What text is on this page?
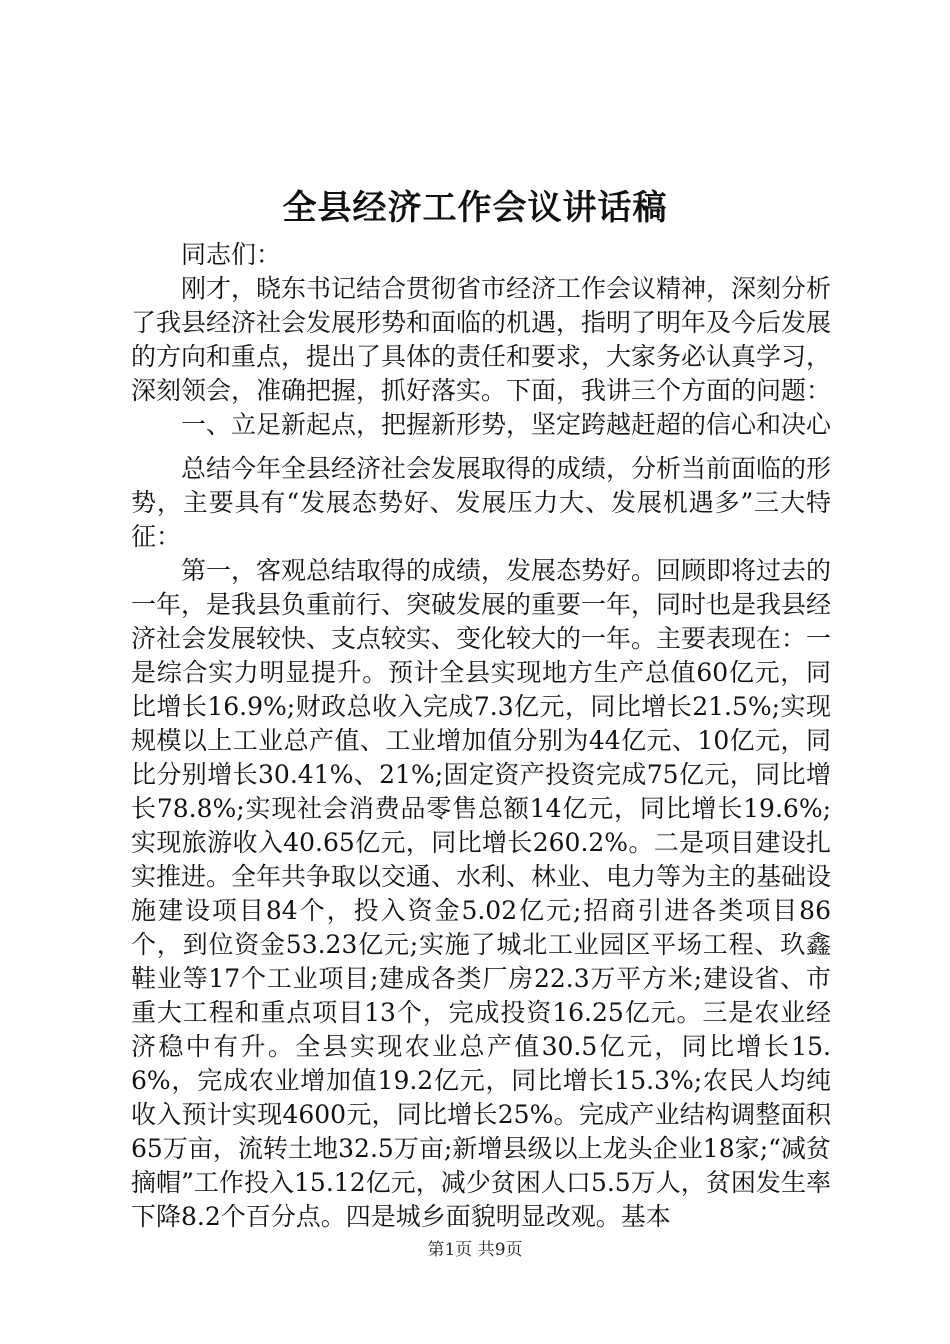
全县经济工作会议讲话稿

同志们：

刚才，晓东书记结合贯彻省市经济工作会议精神，深刻分析了我县经济社会发展形势和面临的机遇，指明了明年及今后发展的方向和重点，提出了具体的责任和要求，大家务必认真学习，深刻领会，准确把握，抓好落实。下面，我讲三个方面的问题：

一、立足新起点，把握新形势，坚定跨越赶超的信心和决心

总结今年全县经济社会发展取得的成绩，分析当前面临的形势，主要具有“发展态势好、发展压力大、发展机遇多”三大特征：

第一，客观总结取得的成绩，发展态势好。回顾即将过去的一年，是我县负重前行、突破发展的重要一年，同时也是我县经济社会发展较快、支点较实、变化较大的一年。主要表现在：一是综合实力明显提升。预计全县实现地方生产总值60亿元，同比增长16.9%;财政总收入完成7.3亿元，同比增长21.5%;实现规模以上工业总产值、工业增加值分别为44亿元、10亿元，同比分别增长30.41%、21%;固定资产投资完成75亿元，同比增长78.8%;实现社会消费品零售总额14亿元，同比增长19.6%;实现旅游收入40.65亿元，同比增长260.2%。二是项目建设扎实推进。全年共争取以交通、水利、林业、电力等为主的基础设施建设项目84个，投入资金5.02亿元;招商引进各类项目86个，到位资金53.23亿元;实施了城北工业园区平场工程、玖鑫鞋业等17个工业项目;建成各类厂房22.3万平方米;建设省、市重大工程和重点项目13个，完成投资16.25亿元。三是农业经济稳中有升。全县实现农业总产值30.5亿元，同比增长15.6%，完成农业增加值19.2亿元，同比增长15.3%;农民人均纯收入预计实现4600元，同比增长25%。完成产业结构调整面积65万亩，流转土地32.5万亩;新增县级以上龙头企业18家;“减贫摘帽”工作投入15.12亿元，减少贫困人口5.5万人，贫困发生率下降8.2个百分点。四是城乡面貌明显改观。基本

第1页 共9页
